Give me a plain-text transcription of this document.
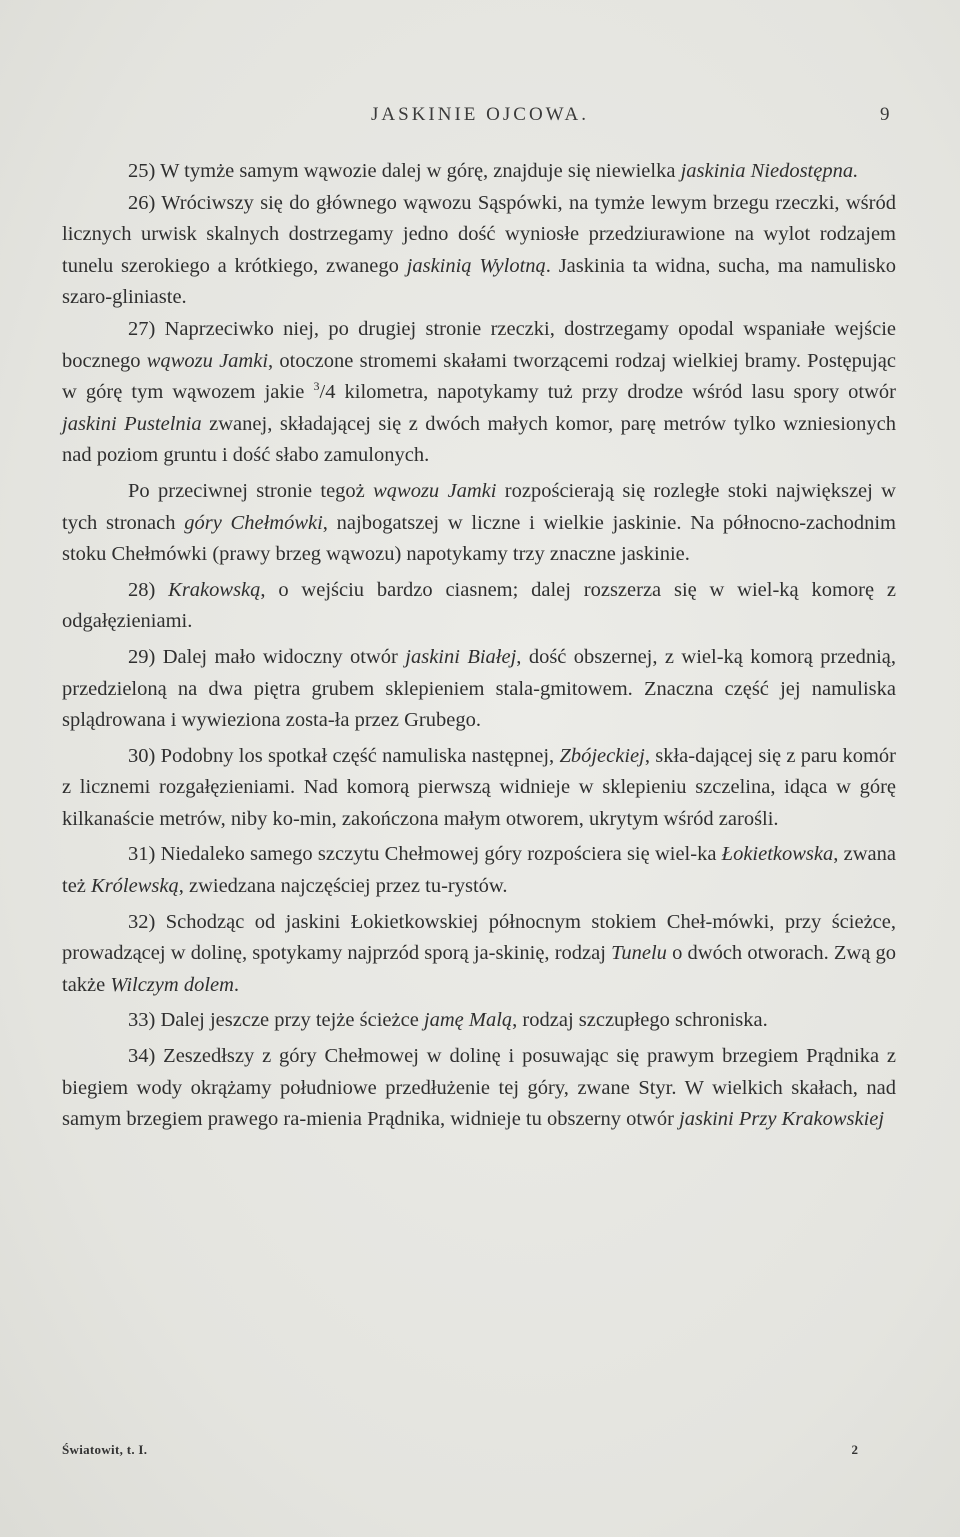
JASKINIE OJCOWA.	9

25) W tymże samym wąwozie dalej w górę, znajduje się niewielka jaskinia Niedostępna.

26) Wróciwszy się do głównego wąwozu Sąspówki, na tymże lewym brzegu rzeczki, wśród licznych urwisk skalnych dostrzegamy jedno dość wyniosłe przedziurawione na wylot rodzajem tunelu szerokiego a krótkiego, zwanego jaskinią Wylotną. Jaskinia ta widna, sucha, ma namulisko szaro-gliniaste.

27) Naprzeciwko niej, po drugiej stronie rzeczki, dostrzegamy opodal wspaniałe wejście bocznego wąwozu Jamki, otoczone stromemi skałami tworzącemi rodzaj wielkiej bramy. Postępując w górę tym wąwozem jakie $^3$/4 kilometra, napotykamy tuż przy drodze wśród lasu spory otwór jaskini Pustelnia zwanej, składającej się z dwóch małych komor, parę metrów tylko wzniesionych nad poziom gruntu i dość słabo zamulonych.

Po przeciwnej stronie tegoż wąwozu Jamki rozpościerają się rozległe stoki największej w tych stronach góry Chełmówki, najbogatszej w liczne i wielkie jaskinie. Na północno-zachodnim stoku Chełmówki (prawy brzeg wąwozu) napotykamy trzy znaczne jaskinie.

28) Krakowską, o wejściu bardzo ciasnem; dalej rozszerza się w wiel-ką komorę z odgałęzieniami.

29) Dalej mało widoczny otwór jaskini Białej, dość obszernej, z wiel-ką komorą przednią, przedzieloną na dwa piętra grubem sklepieniem stala-gmitowem. Znaczna część jej namuliska splądrowana i wywieziona zosta-ła przez Grubego.

30) Podobny los spotkał część namuliska następnej, Zbójeckiej, skła-dającej się z paru komór z licznemi rozgałęzieniami. Nad komorą pierwszą widnieje w sklepieniu szczelina, idąca w górę kilkanaście metrów, niby ko-min, zakończona małym otworem, ukrytym wśród zarośli.

31) Niedaleko samego szczytu Chełmowej góry rozpościera się wiel-ka Łokietkowska, zwana też Królewską, zwiedzana najczęściej przez tu-rystów.

32) Schodząc od jaskini Łokietkowskiej północnym stokiem Cheł-mówki, przy ścieżce, prowadzącej w dolinę, spotykamy najprzód sporą ja-skinię, rodzaj Tunelu o dwóch otworach. Zwą go także Wilczym dolem.

33) Dalej jeszcze przy tejże ścieżce jamę Malą, rodzaj szczupłego schroniska.

34) Zeszedłszy z góry Chełmowej w dolinę i posuwając się prawym brzegiem Prądnika z biegiem wody okrążamy południowe przedłużenie tej góry, zwane Styr. W wielkich skałach, nad samym brzegiem prawego ra-mienia Prądnika, widnieje tu obszerny otwór jaskini Przy Krakowskiej

Światowit, t. I.	2
